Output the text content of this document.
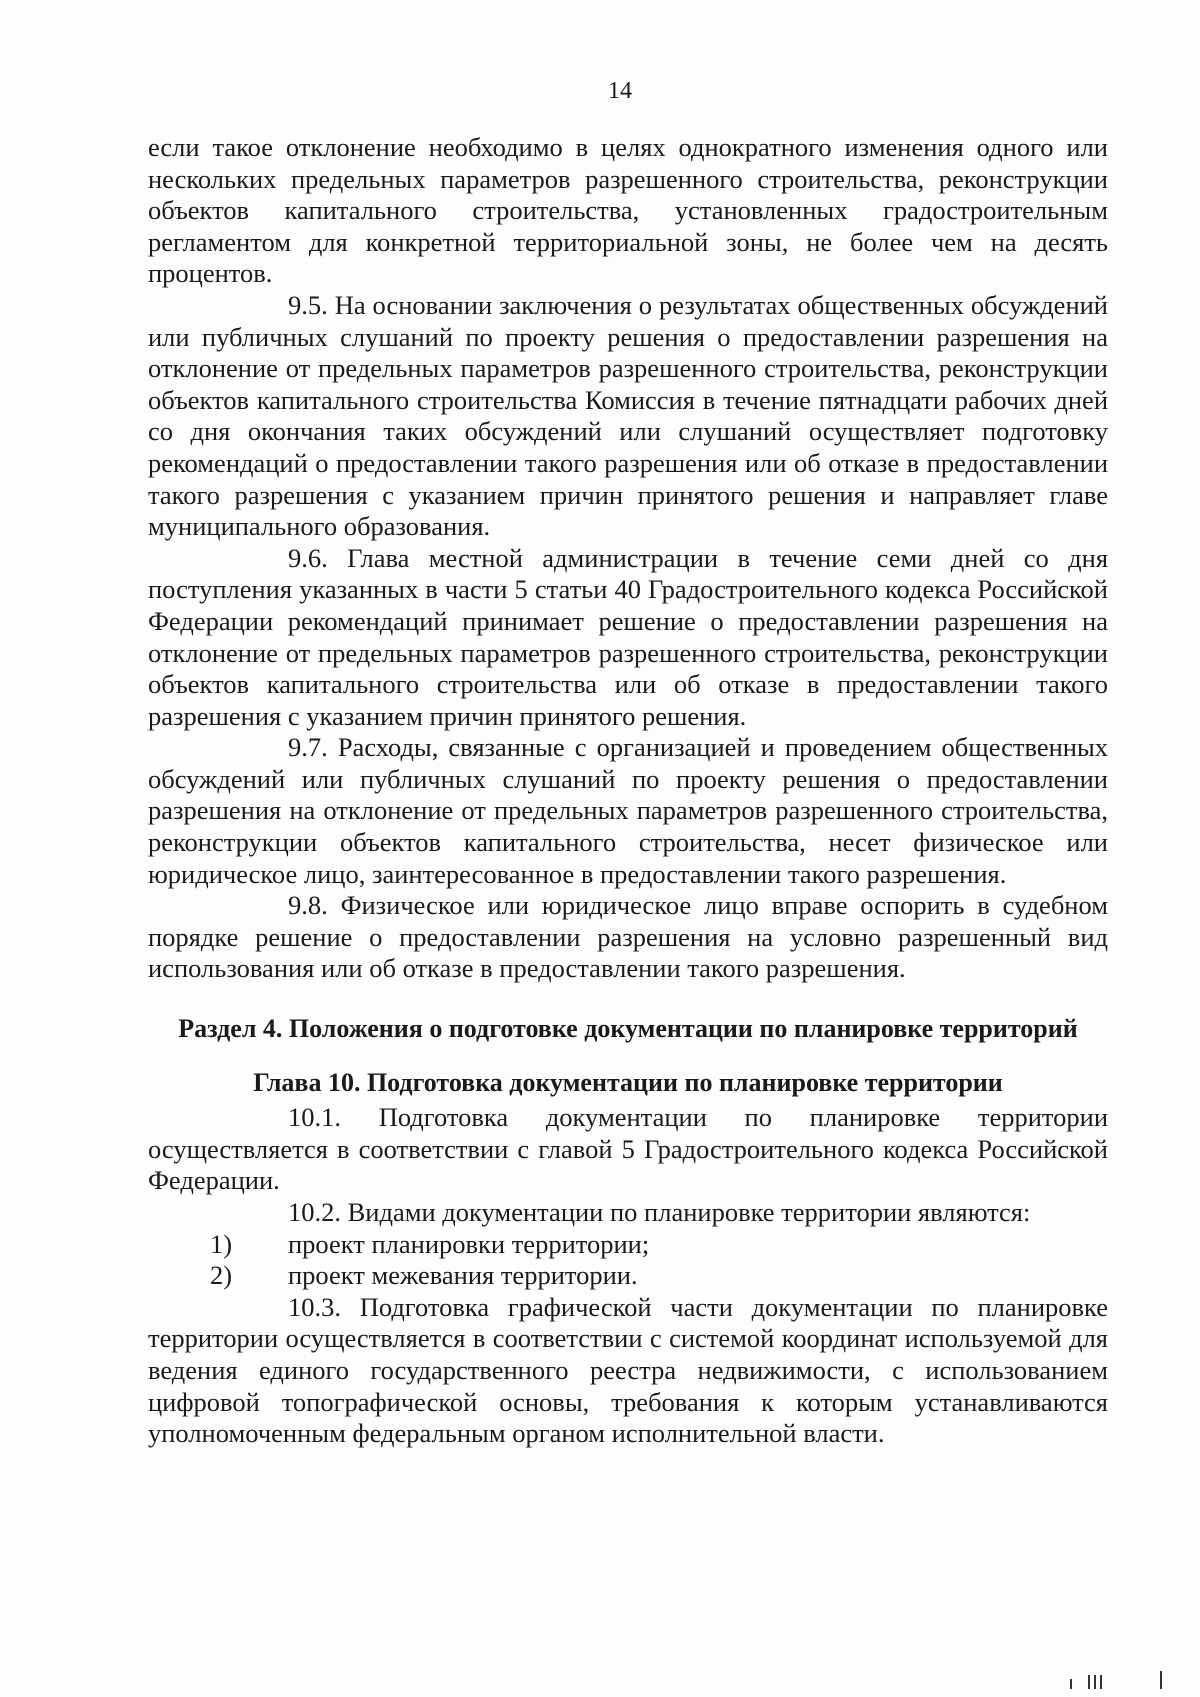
14

если такое отклонение необходимо в целях однократного изменения одного или нескольких предельных параметров разрешенного строительства, реконструкции объектов капитального строительства, установленных градостроительным регламентом для конкретной территориальной зоны, не более чем на десять процентов.

9.5. На основании заключения о результатах общественных обсуждений или публичных слушаний по проекту решения о предоставлении разрешения на отклонение от предельных параметров разрешенного строительства, реконструкции объектов капитального строительства Комиссия в течение пятнадцати рабочих дней со дня окончания таких обсуждений или слушаний осуществляет подготовку рекомендаций о предоставлении такого разрешения или об отказе в предоставлении такого разрешения с указанием причин принятого решения и направляет главе муниципального образования.

9.6. Глава местной администрации в течение семи дней со дня поступления указанных в части 5 статьи 40 Градостроительного кодекса Российской Федерации рекомендаций принимает решение о предоставлении разрешения на отклонение от предельных параметров разрешенного строительства, реконструкции объектов капитального строительства или об отказе в предоставлении такого разрешения с указанием причин принятого решения.

9.7. Расходы, связанные с организацией и проведением общественных обсуждений или публичных слушаний по проекту решения о предоставлении разрешения на отклонение от предельных параметров разрешенного строительства, реконструкции объектов капитального строительства, несет физическое или юридическое лицо, заинтересованное в предоставлении такого разрешения.

9.8. Физическое или юридическое лицо вправе оспорить в судебном порядке решение о предоставлении разрешения на условно разрешенный вид использования или об отказе в предоставлении такого разрешения.

Раздел 4. Положения о подготовке документации по планировке территорий

Глава 10. Подготовка документации по планировке территории

10.1. Подготовка документации по планировке территории осуществляется в соответствии с главой 5 Градостроительного кодекса Российской Федерации.

10.2. Видами документации по планировке территории являются:

1) проект планировки территории;

2) проект межевания территории.

10.3. Подготовка графической части документации по планировке территории осуществляется в соответствии с системой координат используемой для ведения единого государственного реестра недвижимости, с использованием цифровой топографической основы, требования к которым устанавливаются уполномоченным федеральным органом исполнительной власти.
